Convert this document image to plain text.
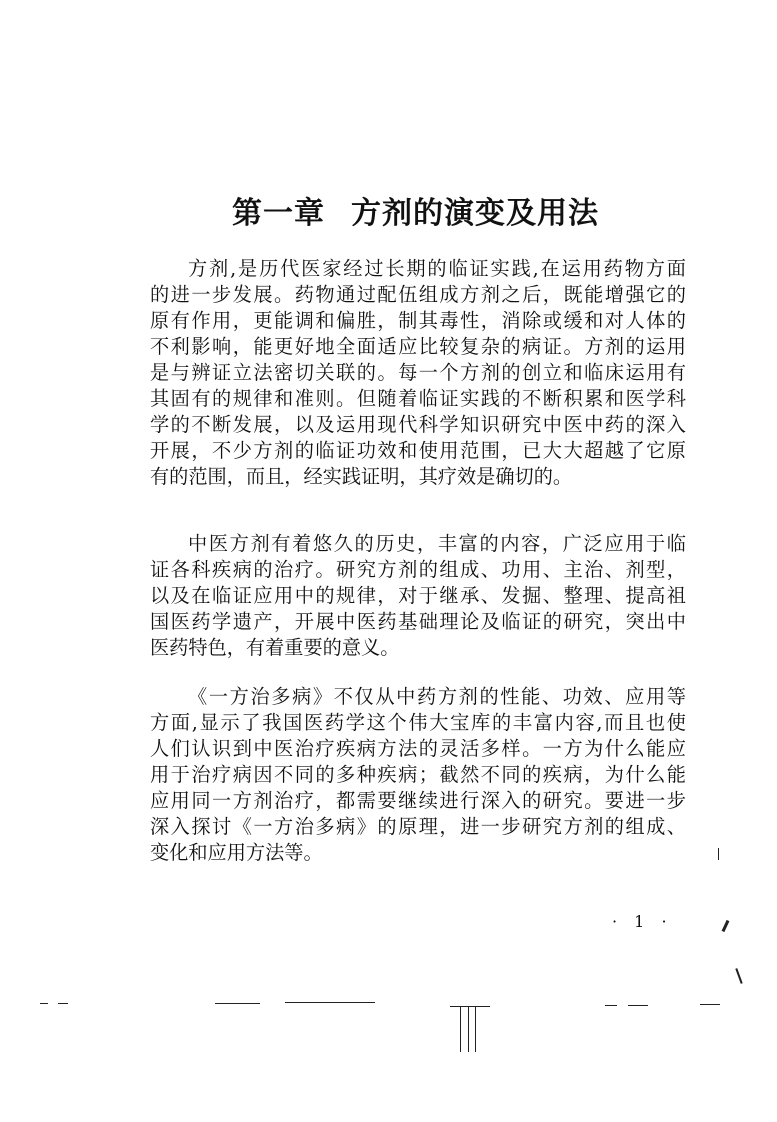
第一章 方剂的演变及用法
方剂,是历代医家经过长期的临证实践,在运用药物方面
的进一步发展。药物通过配伍组成方剂之后，既能增强它的
原有作用，更能调和偏胜，制其毒性，消除或缓和对人体的
不利影响，能更好地全面适应比较复杂的病证。方剂的运用
是与辨证立法密切关联的。每一个方剂的创立和临床运用有
其固有的规律和准则。但随着临证实践的不断积累和医学科
学的不断发展，以及运用现代科学知识研究中医中药的深入
开展，不少方剂的临证功效和使用范围，已大大超越了它原
有的范围，而且，经实践证明，其疗效是确切的。
中医方剂有着悠久的历史，丰富的内容，广泛应用于临
证各科疾病的治疗。研究方剂的组成、功用、主治、剂型，
以及在临证应用中的规律，对于继承、发掘、整理、提高祖
国医药学遗产，开展中医药基础理论及临证的研究，突出中
医药特色，有着重要的意义。
《一方治多病》不仅从中药方剂的性能、功效、应用等
方面,显示了我国医药学这个伟大宝库的丰富内容,而且也使
人们认识到中医治疗疾病方法的灵活多样。一方为什么能应
用于治疗病因不同的多种疾病；截然不同的疾病，为什么能
应用同一方剂治疗，都需要继续进行深入的研究。要进一步
深入探讨《一方治多病》的原理，进一步研究方剂的组成、
变化和应用方法等。
· 1 ·
